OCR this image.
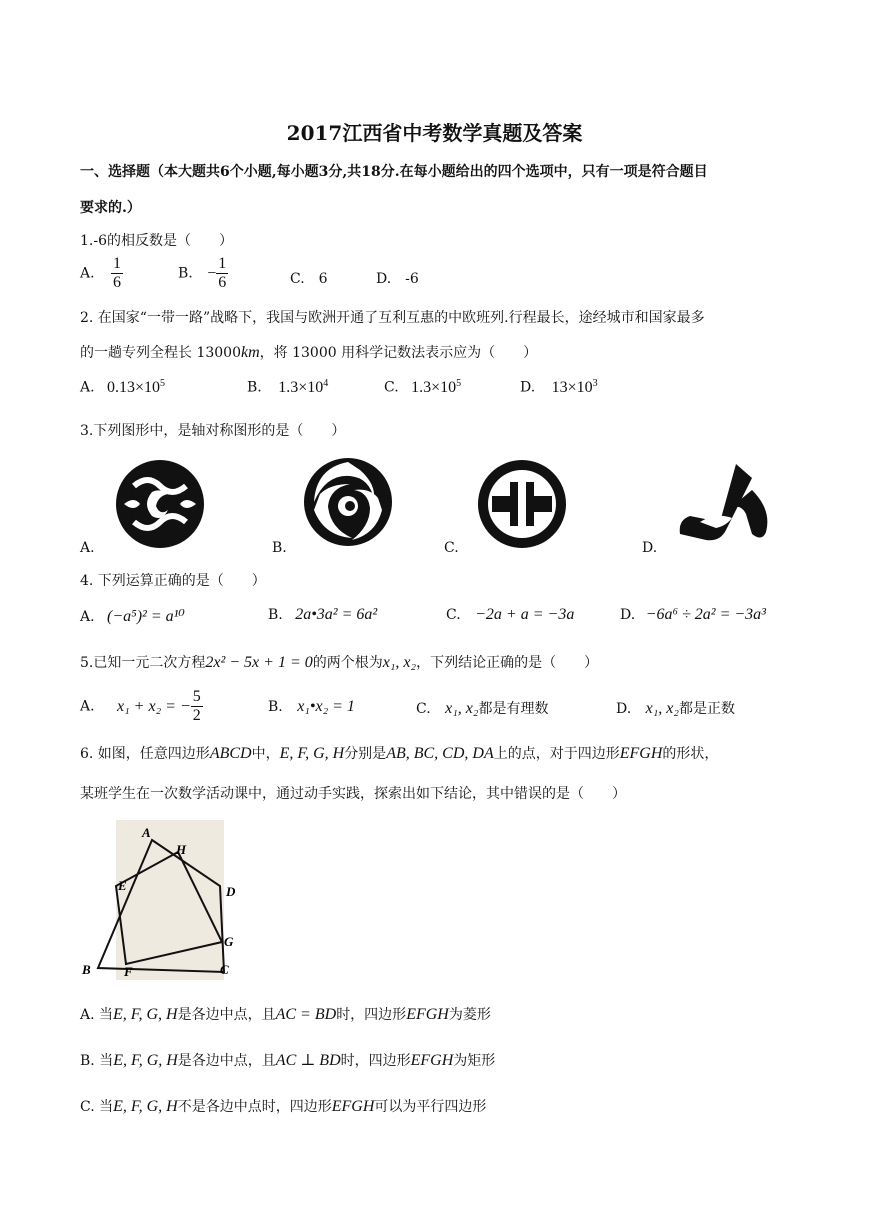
2017江西省中考数学真题及答案
一、选择题（本大题共6个小题,每小题3分,共18分.在每小题给出的四个选项中，只有一项是符合题目
要求的.）
1.-6的相反数是（　　）
A. $\frac{1}{6}$	B. − $\frac{1}{6}$	C.　6	D.　-6
2. 在国家“一带一路”战略下，我国与欧洲开通了互利互惠的中欧班列.行程最长，途经城市和国家最多
的一趟专列全程长 13000km，将 13000 用科学记数法表示应为（　　）
A. $0.13\times 10^5$	B. $1.3\times 10^4$	C. $1.3\times 10^5$	D. $13\times 10^3$
3.下列图形中，是轴对称图形的是（　　）
A.	B.	C.	D.
4. 下列运算正确的是（　　）
A. (−a⁵)² = a¹⁰	B. 2a•3a² = 6a²	C. −2a + a = −3a	D. −6a⁶ ÷ 2a² = −3a³
5.已知一元二次方程2x² − 5x + 1 = 0的两个根为x₁, x₂，下列结论正确的是（　　）
A. x₁ + x₂ = − $\frac{5}{2}$	B. x₁•x₂ = 1	C. x₁, x₂都是有理数	D. x₁, x₂都是正数
6. 如图，任意四边形ABCD中，E, F, G, H分别是AB, BC, CD, DA上的点，对于四边形EFGH的形状，
某班学生在一次数学活动课中，通过动手实践，探索出如下结论，其中错误的是（　　）
A
H
E	D
G
B	F	C
A. 当E, F, G, H是各边中点，且AC = BD时，四边形EFGH为菱形
B. 当E, F, G, H是各边中点，且AC ⊥ BD时，四边形EFGH为矩形
C. 当E, F, G, H不是各边中点时，四边形EFGH可以为平行四边形
